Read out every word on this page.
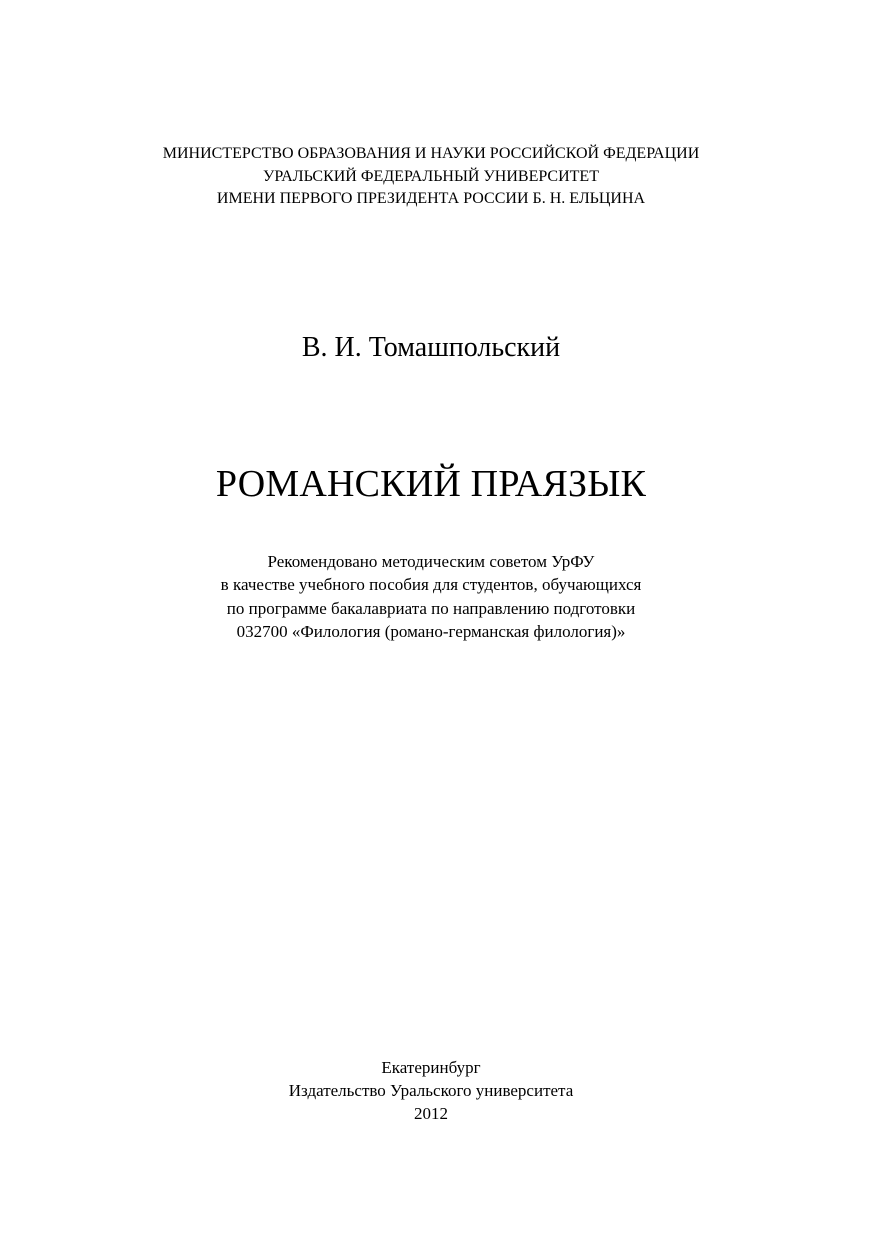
МИНИСТЕРСТВО ОБРАЗОВАНИЯ И НАУКИ РОССИЙСКОЙ ФЕДЕРАЦИИ
УРАЛЬСКИЙ ФЕДЕРАЛЬНЫЙ УНИВЕРСИТЕТ
ИМЕНИ ПЕРВОГО ПРЕЗИДЕНТА РОССИИ Б. Н. ЕЛЬЦИНА
В. И. Томашпольский
РОМАНСКИЙ ПРАЯЗЫК
Рекомендовано методическим советом УрФУ
в качестве учебного пособия для студентов, обучающихся
по программе бакалавриата по направлению подготовки
032700 «Филология (романо-германская филология)»
Екатеринбург
Издательство Уральского университета
2012
